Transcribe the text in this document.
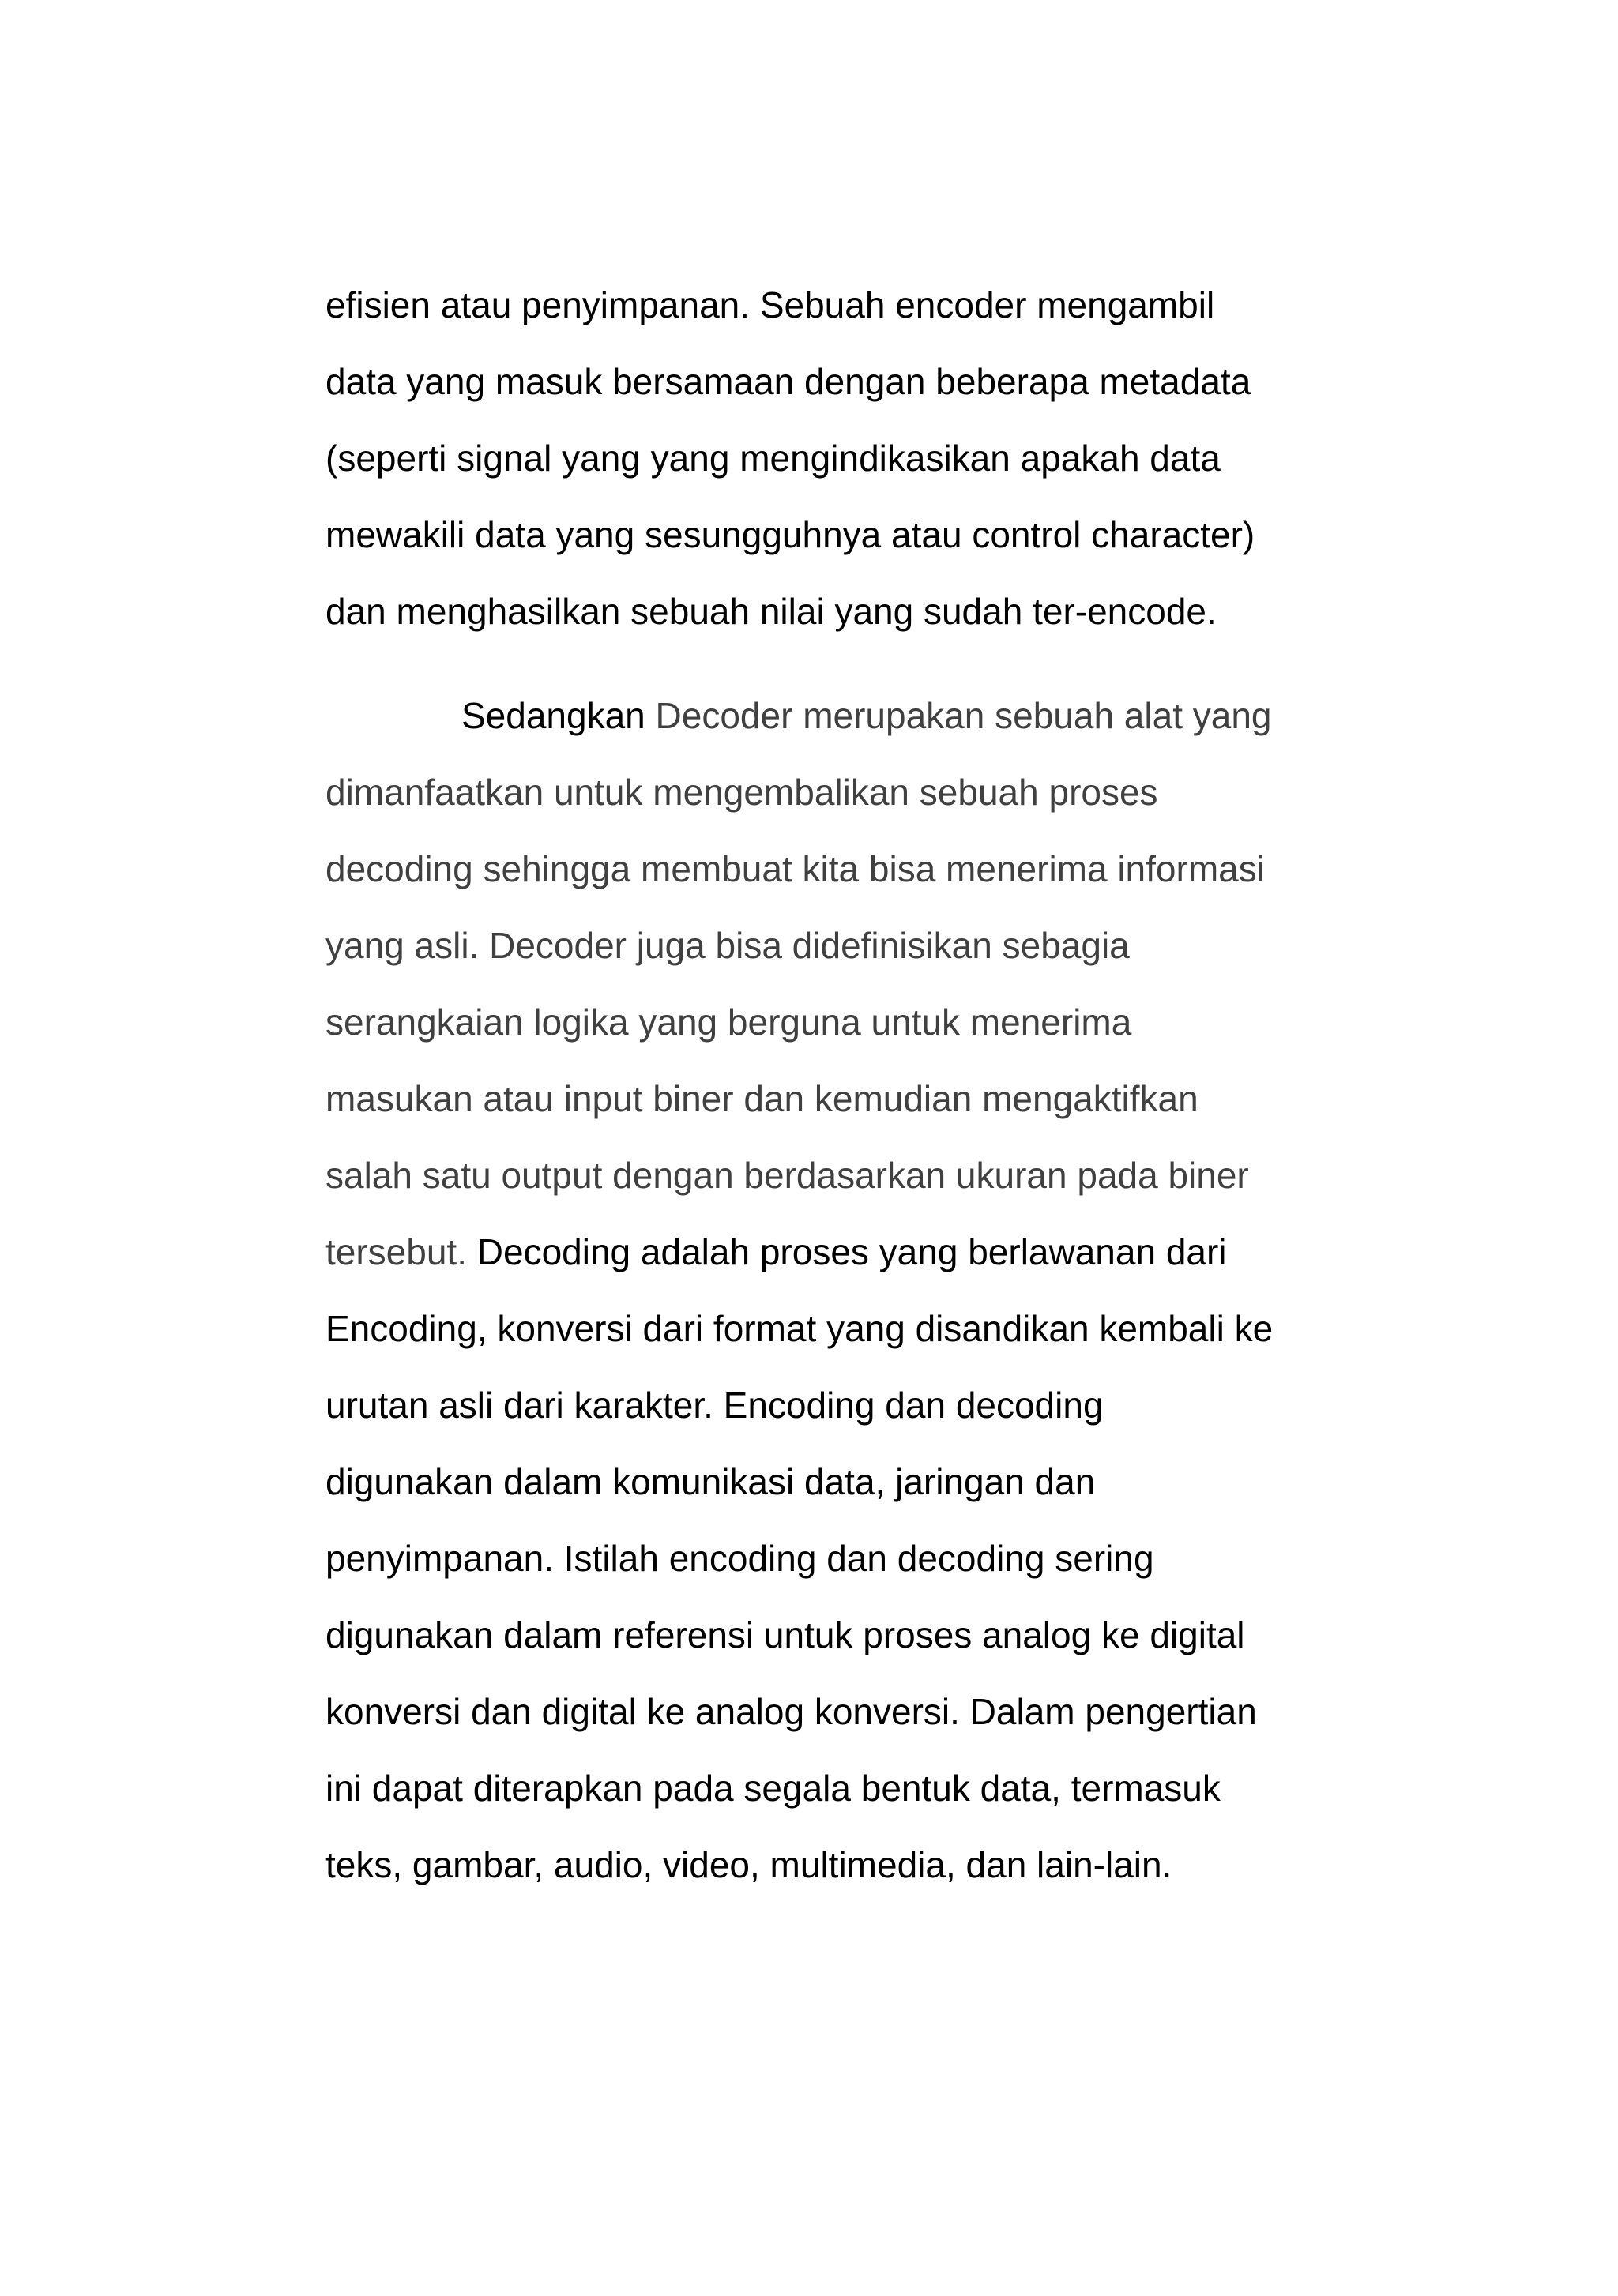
efisien atau penyimpanan. Sebuah encoder mengambil

data yang masuk bersamaan dengan beberapa metadata

(seperti signal yang yang mengindikasikan apakah data

mewakili data yang sesungguhnya atau control character)

dan menghasilkan sebuah nilai yang sudah ter-encode.

Sedangkan Decoder merupakan sebuah alat yang

dimanfaatkan untuk mengembalikan sebuah proses

decoding sehingga membuat kita bisa menerima informasi

yang asli. Decoder juga bisa didefinisikan sebagia

serangkaian logika yang berguna untuk menerima

masukan atau input biner dan kemudian mengaktifkan

salah satu output dengan berdasarkan ukuran pada biner

tersebut. Decoding adalah proses yang berlawanan dari

Encoding, konversi dari format yang disandikan kembali ke

urutan asli dari karakter. Encoding dan decoding

digunakan dalam komunikasi data, jaringan dan

penyimpanan. Istilah encoding dan decoding sering

digunakan dalam referensi untuk proses analog ke digital

konversi dan digital ke analog konversi. Dalam pengertian

ini dapat diterapkan pada segala bentuk data, termasuk

teks, gambar, audio, video, multimedia, dan lain-lain.
